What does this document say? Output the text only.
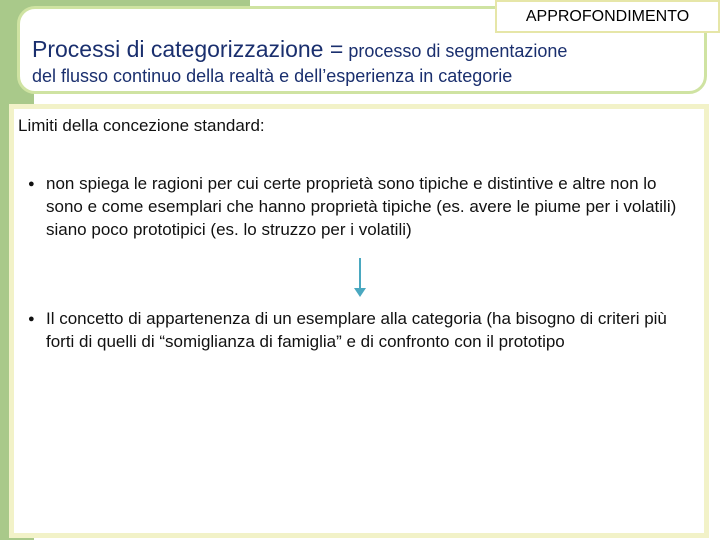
APPROFONDIMENTO
Processi di categorizzazione = processo di segmentazione
del flusso continuo della realtà e dell’esperienza in categorie
Limiti della concezione standard:
● non spiega le ragioni per cui certe proprietà sono tipiche e distintive e altre non lo sono e come esemplari che hanno proprietà tipiche (es. avere le piume per i volatili) siano poco prototipici (es. lo struzzo per i volatili)
● Il concetto di appartenenza di un esemplare alla categoria (ha bisogno di criteri più forti di quelli di “somiglianza di famiglia” e di confronto con il prototipo
